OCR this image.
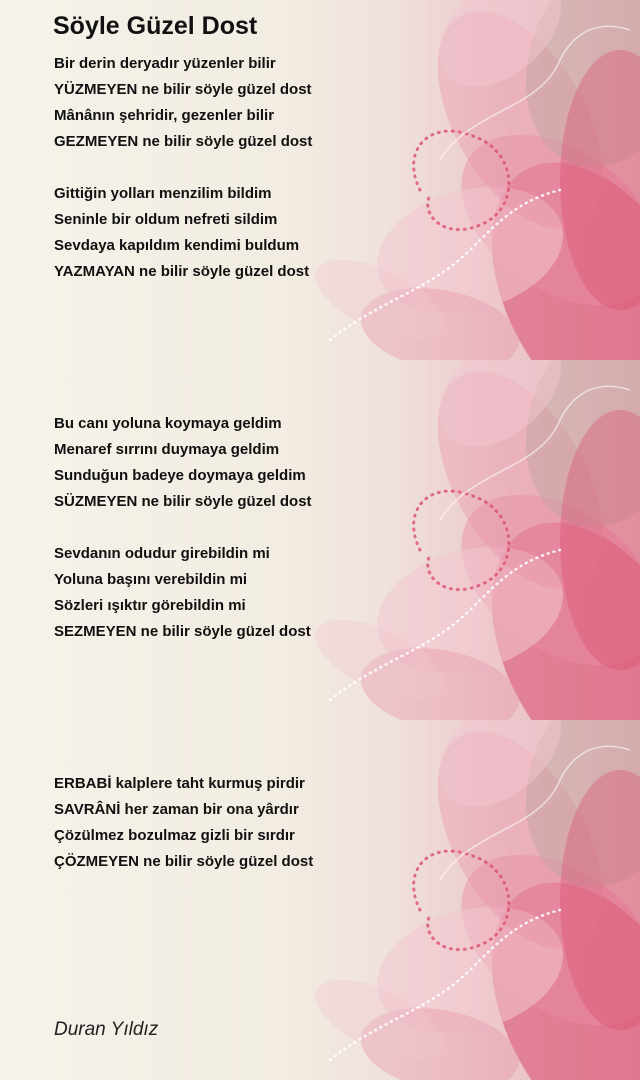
Söyle Güzel Dost
Bir derin deryadır yüzenler bilir
YÜZMEYEN ne bilir söyle güzel dost
Mânânın şehridir, gezenler bilir
GEZMEYEN ne bilir söyle güzel dost
Gittiğin yolları menzilim bildim
Seninle bir oldum nefreti sildim
Sevdaya kapıldım kendimi buldum
YAZMAYAN ne bilir söyle güzel dost
Bu canı yoluna koymaya geldim
Menaref sırrını duymaya geldim
Sunduğun badeye doymaya geldim
SÜZMEYEN ne bilir söyle güzel dost
Sevdanın odudur girebildin mi
Yoluna başını verebildin mi
Sözleri ışıktır görebildin mi
SEZMEYEN ne bilir söyle güzel dost
ERBABİ kalplere taht kurmuş pirdir
SAVRÂNİ her zaman bir ona yârdır
Çözülmez bozulmaz gizli bir sırdır
ÇÖZMEYEN ne bilir söyle güzel dost
Duran Yıldız
